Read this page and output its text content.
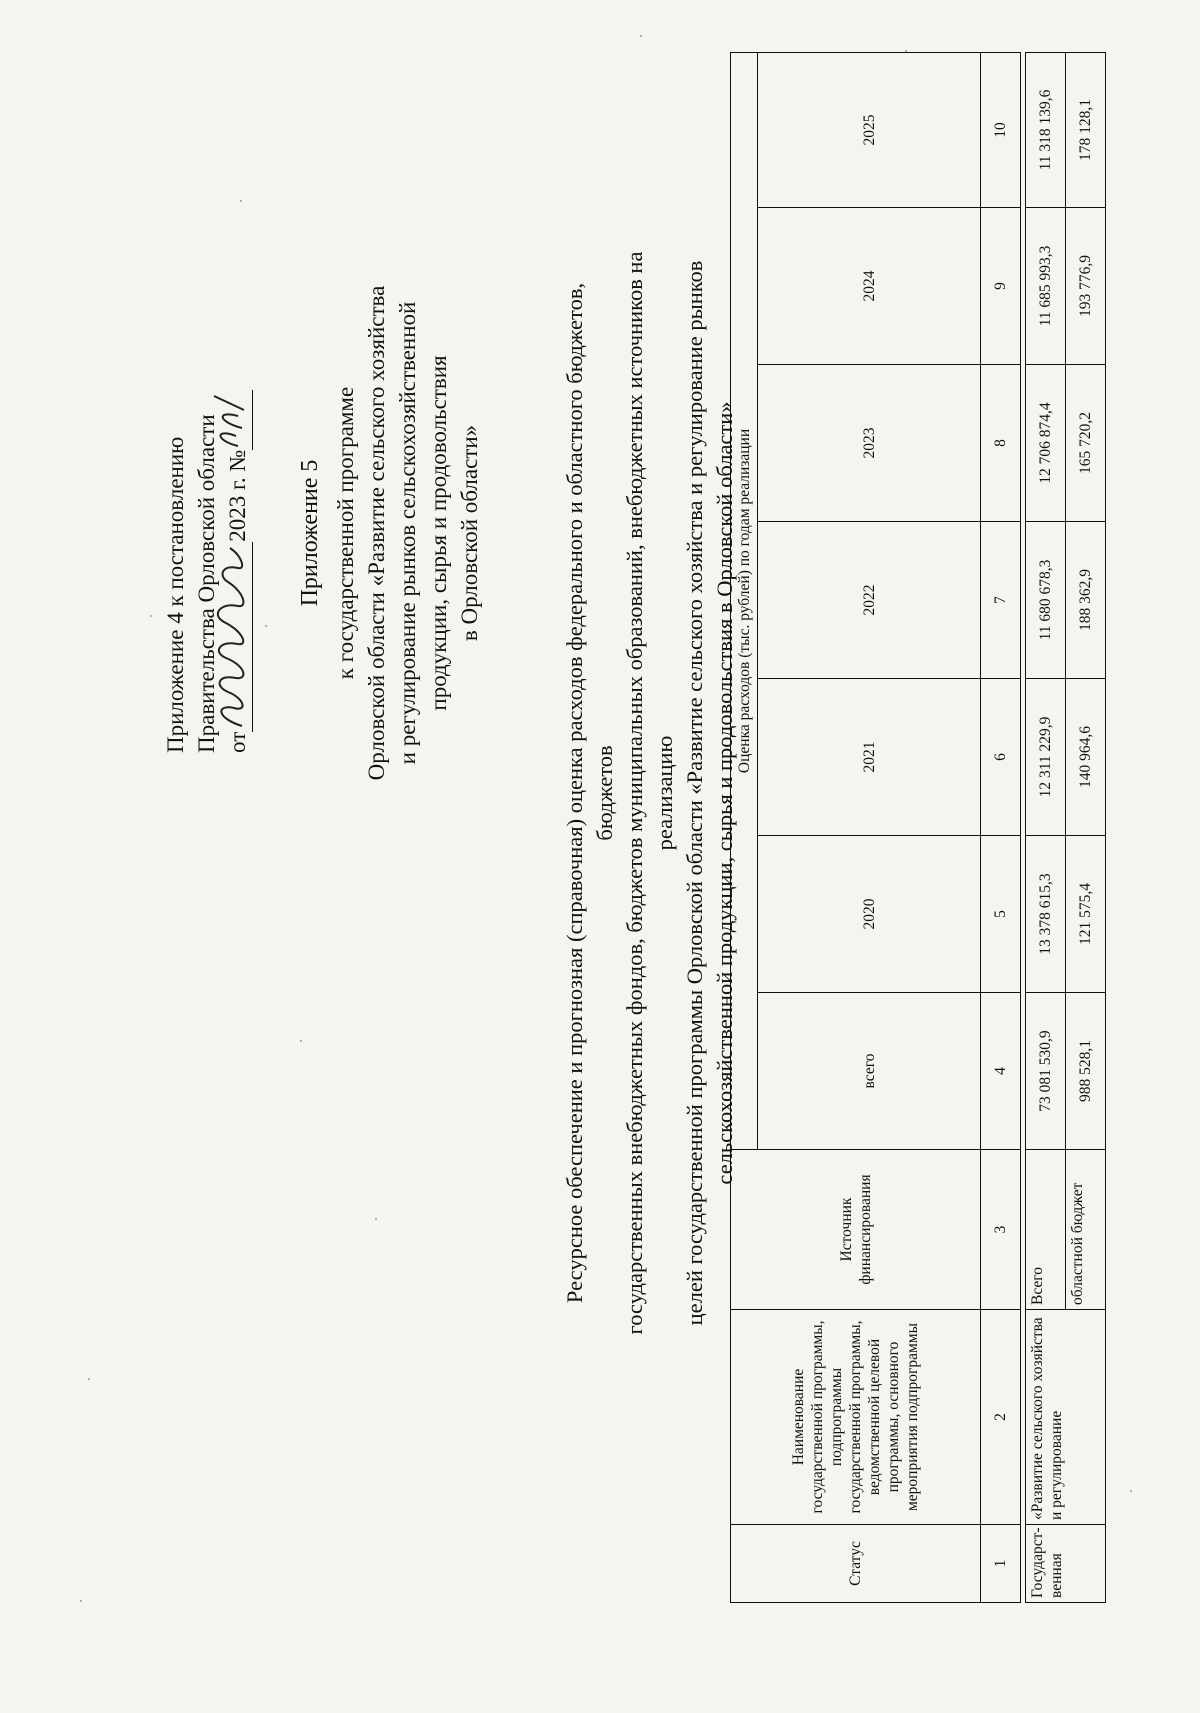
Приложение 4 к постановлению Правительства Орловской области от
2023 г. № Приложение 5 к государственной программе Орловской области «Развитие сельского хозяйства и регулирование рынков сельскохозяйственной продукции, сырья и продовольствия в Орловской области»	Ресурсное обеспечение и прогнозная (справочная) оценка расходов федерального и областного бюджетов, бюджетов государственных внебюджетных фондов, бюджетов муниципальных образований, внебюджетных источников на реализацию целей государственной программы Орловской области «Развитие сельского хозяйства и регулирование рынков сельскохозяйственной продукции, сырья и продовольствия в Орловской области»
Статус	Наименование государственной программы, подпрограммы государственной программы, ведомственной целевой программы, основного мероприятия подпрограммы	Источник финансирования	Оценка расходов (тыс. рублей) по годам реализации						
			всего	2020	2021	2022	2023	2024	2025
1	2	3	4	5	6	7	8	9	10

Государст-венная	«Развитие сельского хозяйства и регулирование	Всего	73 081 530,9	13 378 615,3	12 311 229,9	11 680 678,3	12 706 874,4	11 685 993,3	11 318 139,6
		областной бюджет	988 528,1	121 575,4	140 964,6	188 362,9	165 720,2	193 776,9	178 128,1
